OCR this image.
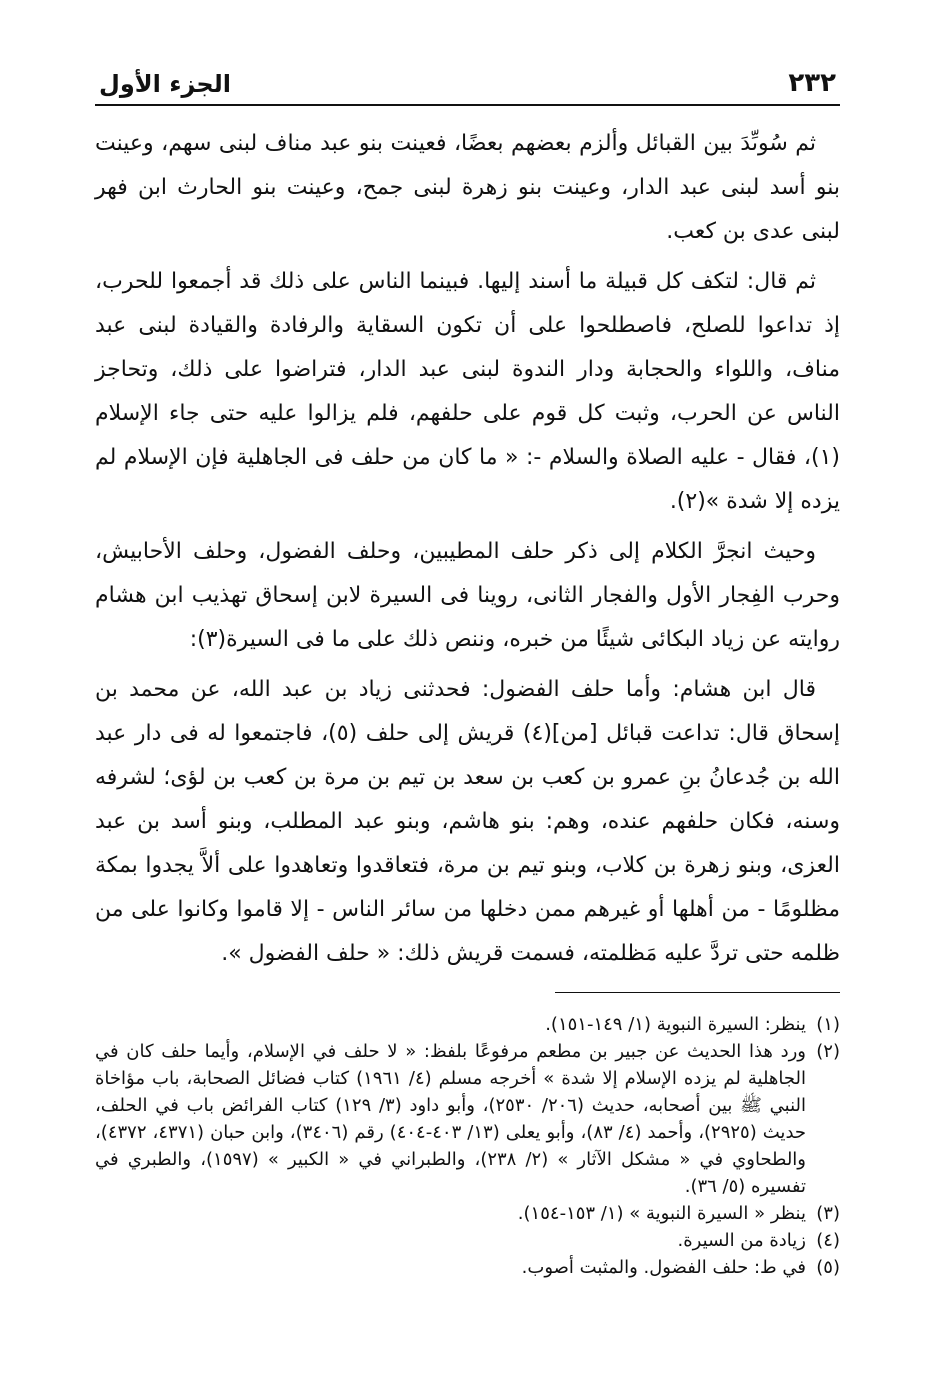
٢٣٢
الجزء الأول

ثم سُوىِّدَ بين القبائل وألزم بعضهم بعضًا، فعينت بنو عبد مناف لبنى سهم، وعينت بنو أسد لبنى عبد الدار، وعينت بنو زهرة لبنى جمح، وعينت بنو الحارث ابن فهر لبنى عدى بن كعب.

ثم قال: لتكف كل قبيلة ما أسند إليها. فبينما الناس على ذلك قد أجمعوا للحرب، إذ تداعوا للصلح، فاصطلحوا على أن تكون السقاية والرفادة والقيادة لبنى عبد مناف، واللواء والحجابة ودار الندوة لبنى عبد الدار، فتراضوا على ذلك، وتحاجز الناس عن الحرب، وثبت كل قوم على حلفهم، فلم يزالوا عليه حتى جاء الإسلام (١)، فقال - عليه الصلاة والسلام -: « ما كان من حلف فى الجاهلية فإن الإسلام لم يزده إلا شدة »(٢).

وحيث انجرَّ الكلام إلى ذكر حلف المطيبين، وحلف الفضول، وحلف الأحابيش، وحرب الفِجار الأول والفجار الثانى، روينا فى السيرة لابن إسحاق تهذيب ابن هشام روايته عن زياد البكائى شيئًا من خبره، وننص ذلك على ما فى السيرة(٣):

قال ابن هشام: وأما حلف الفضول: فحدثنى زياد بن عبد الله، عن محمد بن إسحاق قال: تداعت قبائل [من](٤) قريش إلى حلف (٥)، فاجتمعوا له فى دار عبد الله بن جُدعانُ بنِ عمرو بن كعب بن سعد بن تيم بن مرة بن كعب بن لؤى؛ لشرفه وسنه، فكان حلفهم عنده، وهم: بنو هاشم، وبنو عبد المطلب، وبنو أسد بن عبد العزى، وبنو زهرة بن كلاب، وبنو تيم بن مرة، فتعاقدوا وتعاهدوا على ألاَّ يجدوا بمكة مظلومًا - من أهلها أو غيرهم ممن دخلها من سائر الناس - إلا قاموا وكانوا على من ظلمه حتى تردَّ عليه مَظلمته، فسمت قريش ذلك: « حلف الفضول ».

(١)
ينظر: السيرة النبوية (١/ ١٤٩-١٥١).

(٢)
ورد هذا الحديث عن جبير بن مطعم مرفوعًا بلفظ: « لا حلف في الإسلام، وأيما حلف كان في الجاهلية لم يزده الإسلام إلا شدة » أخرجه مسلم (٤/ ١٩٦١) كتاب فضائل الصحابة، باب مؤاخاة النبي ﷺ بين أصحابه، حديث (٢٠٦/ ٢٥٣٠)، وأبو داود (٣/ ١٢٩) كتاب الفرائض باب في الحلف، حديث (٢٩٢٥)، وأحمد (٤/ ٨٣)، وأبو يعلى (١٣/ ٤٠٣-٤٠٤) رقم (٣٤٠٦)، وابن حبان (٤٣٧١، ٤٣٧٢)، والطحاوي في « مشكل الآثار » (٢/ ٢٣٨)، والطبراني في « الكبير » (١٥٩٧)، والطبري في تفسيره (٥/ ٣٦).

(٣)
ينظر « السيرة النبوية » (١/ ١٥٣-١٥٤).

(٤)
زيادة من السيرة.

(٥)
في ط: حلف الفضول. والمثبت أصوب.
